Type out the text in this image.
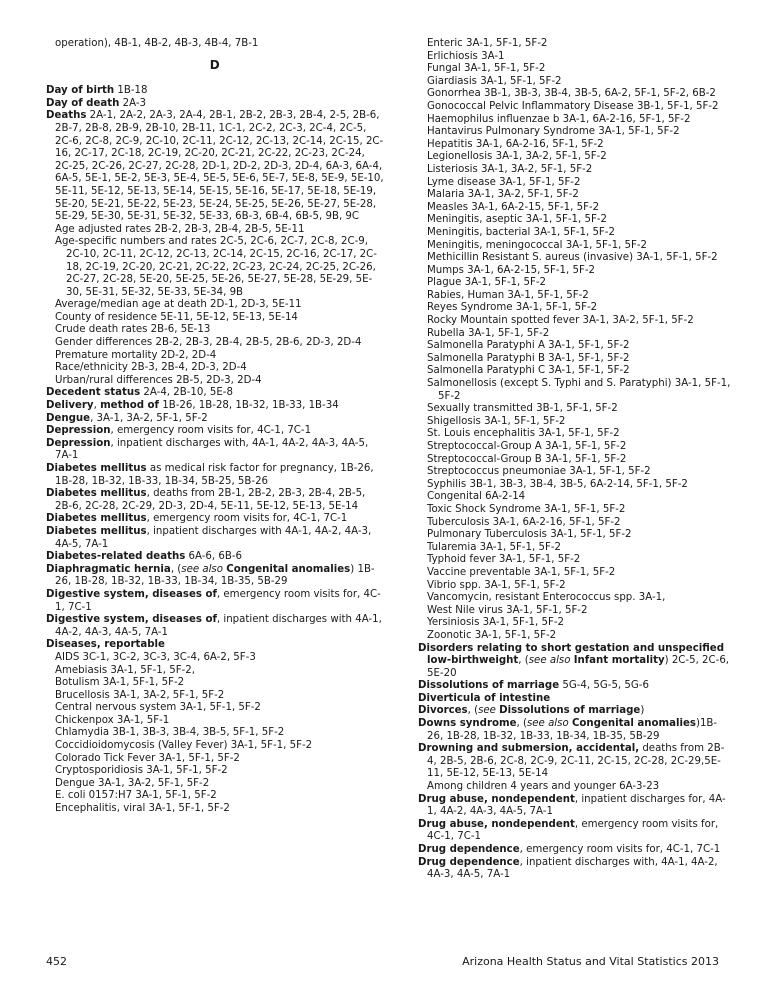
operation), 4B-1, 4B-2, 4B-3, 4B-4, 7B-1

D

Day of birth 1B-18

Day of death 2A-3

Deaths 2A-1, 2A-2, 2A-3, 2A-4, 2B-1, 2B-2, 2B-3, 2B-4, 2-5, 2B-6, 2B-7, 2B-8, 2B-9, 2B-10, 2B-11, 1C-1, 2C-2, 2C-3, 2C-4, 2C-5, 2C-6, 2C-8, 2C-9, 2C-10, 2C-11, 2C-12, 2C-13, 2C-14, 2C-15, 2C-16, 2C-17, 2C-18, 2C-19, 2C-20, 2C-21, 2C-22, 2C-23, 2C-24, 2C-25, 2C-26, 2C-27, 2C-28, 2D-1, 2D-2, 2D-3, 2D-4, 6A-3, 6A-4, 6A-5, 5E-1, 5E-2, 5E-3, 5E-4, 5E-5, 5E-6, 5E-7, 5E-8, 5E-9, 5E-10, 5E-11, 5E-12, 5E-13, 5E-14, 5E-15, 5E-16, 5E-17, 5E-18, 5E-19, 5E-20, 5E-21, 5E-22, 5E-23, 5E-24, 5E-25, 5E-26, 5E-27, 5E-28, 5E-29, 5E-30, 5E-31, 5E-32, 5E-33, 6B-3, 6B-4, 6B-5, 9B, 9C

Age adjusted rates 2B-2, 2B-3, 2B-4, 2B-5, 5E-11

Age-specific numbers and rates 2C-5, 2C-6, 2C-7, 2C-8, 2C-9, 2C-10, 2C-11, 2C-12, 2C-13, 2C-14, 2C-15, 2C-16, 2C-17, 2C-18, 2C-19, 2C-20, 2C-21, 2C-22, 2C-23, 2C-24, 2C-25, 2C-26, 2C-27, 2C-28, 5E-20, 5E-25, 5E-26, 5E-27, 5E-28, 5E-29, 5E-30, 5E-31, 5E-32, 5E-33, 5E-34, 9B

Average/median age at death 2D-1, 2D-3, 5E-11

County of residence 5E-11, 5E-12, 5E-13, 5E-14

Crude death rates 2B-6, 5E-13

Gender differences 2B-2, 2B-3, 2B-4, 2B-5, 2B-6, 2D-3, 2D-4

Premature mortality 2D-2, 2D-4

Race/ethnicity 2B-3, 2B-4, 2D-3, 2D-4

Urban/rural differences 2B-5, 2D-3, 2D-4

Decedent status 2A-4, 2B-10, 5E-8

Delivery, method of 1B-26, 1B-28, 1B-32, 1B-33, 1B-34

Dengue, 3A-1, 3A-2, 5F-1, 5F-2

Depression, emergency room visits for, 4C-1, 7C-1

Depression, inpatient discharges with, 4A-1, 4A-2, 4A-3, 4A-5, 7A-1

Diabetes mellitus as medical risk factor for pregnancy, 1B-26, 1B-28, 1B-32, 1B-33, 1B-34, 5B-25, 5B-26

Diabetes mellitus, deaths from 2B-1, 2B-2, 2B-3, 2B-4, 2B-5, 2B-6, 2C-28, 2C-29, 2D-3, 2D-4, 5E-11, 5E-12, 5E-13, 5E-14

Diabetes mellitus, emergency room visits for, 4C-1, 7C-1

Diabetes mellitus, inpatient discharges with 4A-1, 4A-2, 4A-3, 4A-5, 7A-1

Diabetes-related deaths 6A-6, 6B-6

Diaphragmatic hernia, (see also Congenital anomalies) 1B-26, 1B-28, 1B-32, 1B-33, 1B-34, 1B-35, 5B-29

Digestive system, diseases of, emergency room visits for, 4C-1, 7C-1

Digestive system, diseases of, inpatient discharges with 4A-1, 4A-2, 4A-3, 4A-5, 7A-1

Diseases, reportable

AIDS 3C-1, 3C-2, 3C-3, 3C-4, 6A-2, 5F-3

Amebiasis 3A-1, 5F-1, 5F-2,

Botulism 3A-1, 5F-1, 5F-2

Brucellosis 3A-1, 3A-2, 5F-1, 5F-2

Central nervous system 3A-1, 5F-1, 5F-2

Chickenpox 3A-1, 5F-1

Chlamydia 3B-1, 3B-3, 3B-4, 3B-5, 5F-1, 5F-2

Coccidioidomycosis (Valley Fever) 3A-1, 5F-1, 5F-2

Colorado Tick Fever 3A-1, 5F-1, 5F-2

Cryptosporidiosis 3A-1, 5F-1, 5F-2

Dengue 3A-1, 3A-2, 5F-1, 5F-2

E. coli 0157:H7 3A-1, 5F-1, 5F-2

Encephalitis, viral 3A-1, 5F-1, 5F-2

Enteric 3A-1, 5F-1, 5F-2

Erlichiosis 3A-1

Fungal 3A-1, 5F-1, 5F-2

Giardiasis 3A-1, 5F-1, 5F-2

Gonorrhea 3B-1, 3B-3, 3B-4, 3B-5, 6A-2, 5F-1, 5F-2, 6B-2

Gonococcal Pelvic Inflammatory Disease 3B-1, 5F-1, 5F-2

Haemophilus influenzae b 3A-1, 6A-2-16, 5F-1, 5F-2

Hantavirus Pulmonary Syndrome 3A-1, 5F-1, 5F-2

Hepatitis 3A-1, 6A-2-16, 5F-1, 5F-2

Legionellosis 3A-1, 3A-2, 5F-1, 5F-2

Listeriosis 3A-1, 3A-2, 5F-1, 5F-2

Lyme disease 3A-1, 5F-1, 5F-2

Malaria 3A-1, 3A-2, 5F-1, 5F-2

Measles 3A-1, 6A-2-15, 5F-1, 5F-2

Meningitis, aseptic 3A-1, 5F-1, 5F-2

Meningitis, bacterial 3A-1, 5F-1, 5F-2

Meningitis, meningococcal 3A-1, 5F-1, 5F-2

Methicillin Resistant S. aureus (invasive) 3A-1, 5F-1, 5F-2

Mumps 3A-1, 6A-2-15, 5F-1, 5F-2

Plague 3A-1, 5F-1, 5F-2

Rabies, Human 3A-1, 5F-1, 5F-2

Reyes Syndrome 3A-1, 5F-1, 5F-2

Rocky Mountain spotted fever 3A-1, 3A-2, 5F-1, 5F-2

Rubella 3A-1, 5F-1, 5F-2

Salmonella Paratyphi A 3A-1, 5F-1, 5F-2

Salmonella Paratyphi B 3A-1, 5F-1, 5F-2

Salmonella Paratyphi C 3A-1, 5F-1, 5F-2

Salmonellosis (except S. Typhi and S. Paratyphi) 3A-1, 5F-1, 5F-2

Sexually transmitted 3B-1, 5F-1, 5F-2

Shigellosis 3A-1, 5F-1, 5F-2

St. Louis encephalitis 3A-1, 5F-1, 5F-2

Streptococcal-Group A 3A-1, 5F-1, 5F-2

Streptococcal-Group B 3A-1, 5F-1, 5F-2

Streptococcus pneumoniae 3A-1, 5F-1, 5F-2

Syphilis 3B-1, 3B-3, 3B-4, 3B-5, 6A-2-14, 5F-1, 5F-2

Congenital 6A-2-14

Toxic Shock Syndrome 3A-1, 5F-1, 5F-2

Tuberculosis 3A-1, 6A-2-16, 5F-1, 5F-2

Pulmonary Tuberculosis 3A-1, 5F-1, 5F-2

Tularemia 3A-1, 5F-1, 5F-2

Typhoid fever 3A-1, 5F-1, 5F-2

Vaccine preventable 3A-1, 5F-1, 5F-2

Vibrio spp. 3A-1, 5F-1, 5F-2

Vancomycin, resistant Enterococcus spp. 3A-1,

West Nile virus 3A-1, 5F-1, 5F-2

Yersiniosis 3A-1, 5F-1, 5F-2

Zoonotic 3A-1, 5F-1, 5F-2

Disorders relating to short gestation and unspecified low-birthweight, (see also Infant mortality) 2C-5, 2C-6, 5E-20

Dissolutions of marriage 5G-4, 5G-5, 5G-6

Diverticula of intestine

Divorces, (see Dissolutions of marriage)

Downs syndrome, (see also Congenital anomalies)1B-26, 1B-28, 1B-32, 1B-33, 1B-34, 1B-35, 5B-29

Drowning and submersion, accidental, deaths from 2B-4, 2B-5, 2B-6, 2C-8, 2C-9, 2C-11, 2C-15, 2C-28, 2C-29,5E-11, 5E-12, 5E-13, 5E-14

Among children 4 years and younger 6A-3-23

Drug abuse, nondependent, inpatient discharges for, 4A-1, 4A-2, 4A-3, 4A-5, 7A-1

Drug abuse, nondependent, emergency room visits for, 4C-1, 7C-1

Drug dependence, emergency room visits for, 4C-1, 7C-1

Drug dependence, inpatient discharges with, 4A-1, 4A-2, 4A-3, 4A-5, 7A-1

452	Arizona Health Status and Vital Statistics 2013
